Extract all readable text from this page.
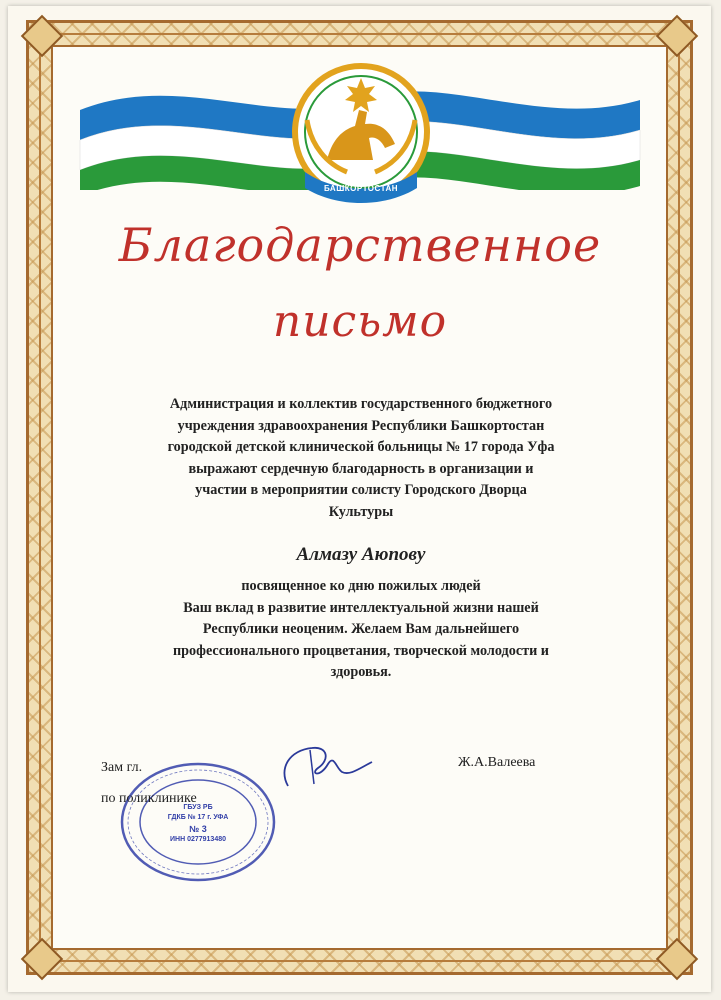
БАШКОРТОСТАН
Благодарственное
письмо
Администрация и коллектив государственного бюджетного
учреждения здравоохранения Республики Башкортостан
городской детской клинической больницы № 17 города Уфа
выражают сердечную благодарность в организации и
участии в мероприятии солисту Городского Дворца
Культуры
Алмазу Аюпову
посвященное ко дню пожилых людей
Ваш вклад в развитие интеллектуальной жизни нашей
Республики неоценим. Желаем Вам дальнейшего
профессионального процветания, творческой молодости и
здоровья.
ГБУЗ РБ
ГДКБ № 17 г. УФА
№ 3
ИНН 0277913480
Зам гл.
по поликлинике
Ж.А.Валеева
